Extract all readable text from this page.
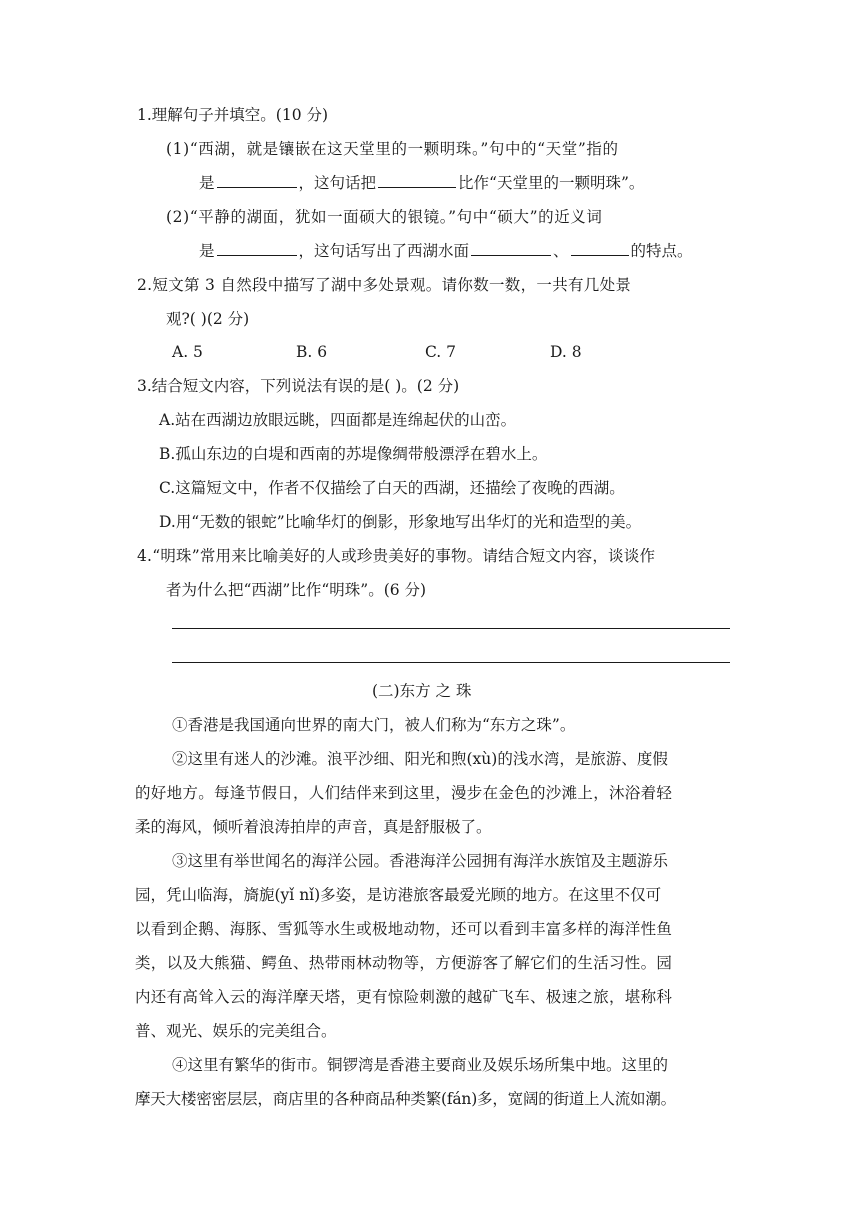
1.理解句子并填空。(10 分)
(1)“西湖，就是镶嵌在这天堂里的一颗明珠。”句中的“天堂”指的
是	，这句话把	比作“天堂里的一颗明珠”。
(2)“平静的湖面，犹如一面硕大的银镜。”句中“硕大”的近义词
是	，这句话写出了西湖水面	、	的特点。
2.短文第 3 自然段中描写了湖中多处景观。请你数一数，一共有几处景
观?( )(2 分)
A. 5	B. 6	C. 7	D. 8
3.结合短文内容，下列说法有误的是( )。(2 分)
A.站在西湖边放眼远眺，四面都是连绵起伏的山峦。
B.孤山东边的白堤和西南的苏堤像绸带般漂浮在碧水上。
C.这篇短文中，作者不仅描绘了白天的西湖，还描绘了夜晚的西湖。
D.用“无数的银蛇”比喻华灯的倒影，形象地写出华灯的光和造型的美。
4.“明珠”常用来比喻美好的人或珍贵美好的事物。请结合短文内容，谈谈作
者为什么把“西湖”比作“明珠”。(6 分)
(二)东方 之 珠
①香港是我国通向世界的南大门，被人们称为“东方之珠”。
②这里有迷人的沙滩。浪平沙细、阳光和煦(xù)的浅水湾，是旅游、度假
的好地方。每逢节假日，人们结伴来到这里，漫步在金色的沙滩上，沐浴着轻
柔的海风，倾听着浪涛拍岸的声音，真是舒服极了。
③这里有举世闻名的海洋公园。香港海洋公园拥有海洋水族馆及主题游乐
园，凭山临海，旖旎(yǐ nǐ)多姿，是访港旅客最爱光顾的地方。在这里不仅可
以看到企鹅、海豚、雪狐等水生或极地动物，还可以看到丰富多样的海洋性鱼
类，以及大熊猫、鳄鱼、热带雨林动物等，方便游客了解它们的生活习性。园
内还有高耸入云的海洋摩天塔，更有惊险刺激的越矿飞车、极速之旅，堪称科
普、观光、娱乐的完美组合。
④这里有繁华的街市。铜锣湾是香港主要商业及娱乐场所集中地。这里的
摩天大楼密密层层，商店里的各种商品种类繁(fán)多，宽阔的街道上人流如潮。
